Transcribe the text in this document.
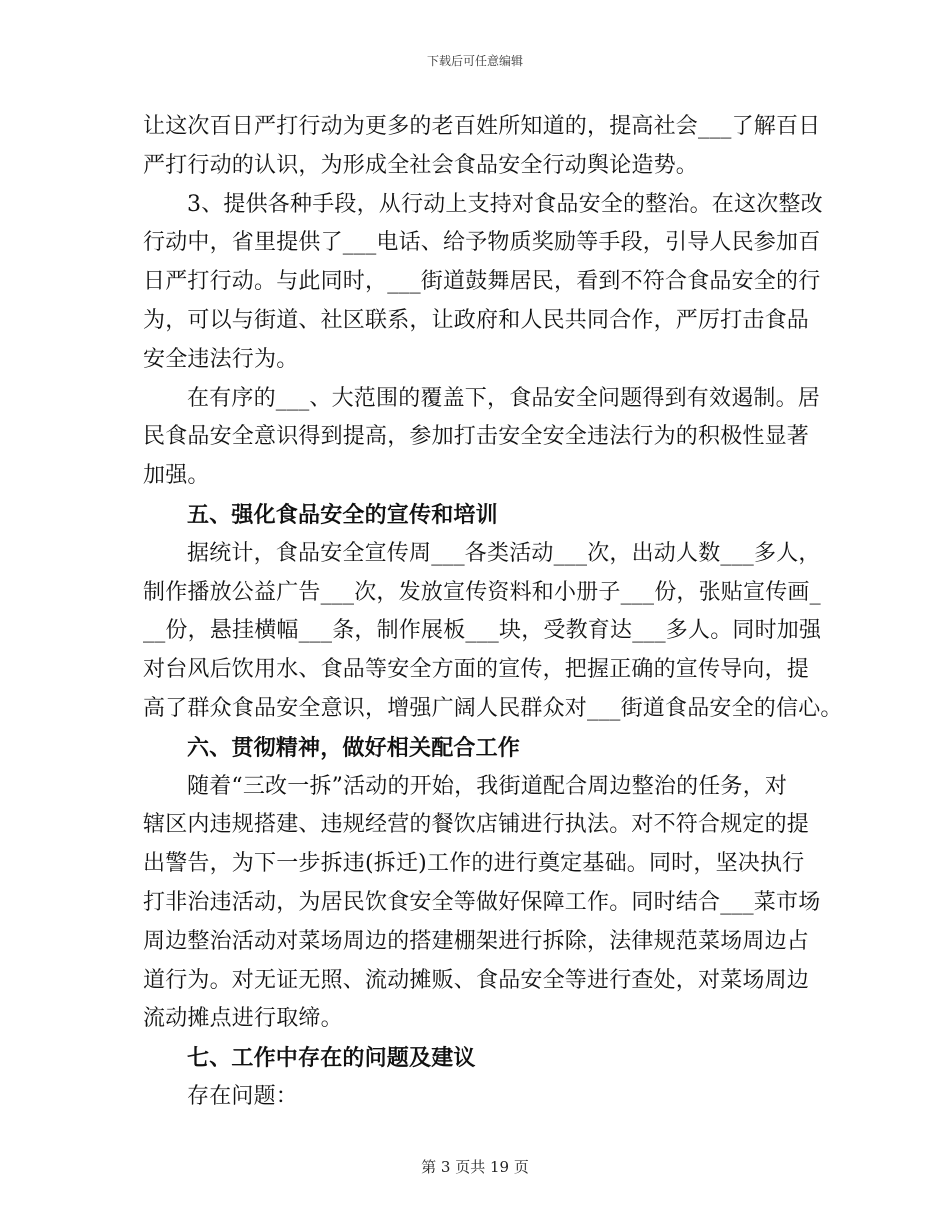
下载后可任意编辑
让这次百日严打行动为更多的老百姓所知道的，提高社会___了解百日
严打行动的认识，为形成全社会食品安全行动舆论造势。
3、提供各种手段，从行动上支持对食品安全的整治。在这次整改
行动中，省里提供了___电话、给予物质奖励等手段，引导人民参加百
日严打行动。与此同时，___街道鼓舞居民，看到不符合食品安全的行
为，可以与街道、社区联系，让政府和人民共同合作，严厉打击食品
安全违法行为。
在有序的___、大范围的覆盖下，食品安全问题得到有效遏制。居
民食品安全意识得到提高，参加打击安全安全违法行为的积极性显著
加强。
五、强化食品安全的宣传和培训
据统计，食品安全宣传周___各类活动___次，出动人数___多人，
制作播放公益广告___次，发放宣传资料和小册子___份，张贴宣传画_
__份，悬挂横幅___条，制作展板___块，受教育达___多人。同时加强
对台风后饮用水、食品等安全方面的宣传，把握正确的宣传导向，提
高了群众食品安全意识，增强广阔人民群众对___街道食品安全的信心。
六、贯彻精神，做好相关配合工作
随着“三改一拆”活动的开始，我街道配合周边整治的任务，对
辖区内违规搭建、违规经营的餐饮店铺进行执法。对不符合规定的提
出警告，为下一步拆违(拆迁)工作的进行奠定基础。同时，坚决执行
打非治违活动，为居民饮食安全等做好保障工作。同时结合___菜市场
周边整治活动对菜场周边的搭建棚架进行拆除，法律规范菜场周边占
道行为。对无证无照、流动摊贩、食品安全等进行查处，对菜场周边
流动摊点进行取缔。
七、工作中存在的问题及建议
存在问题：
第 3 页共 19 页
